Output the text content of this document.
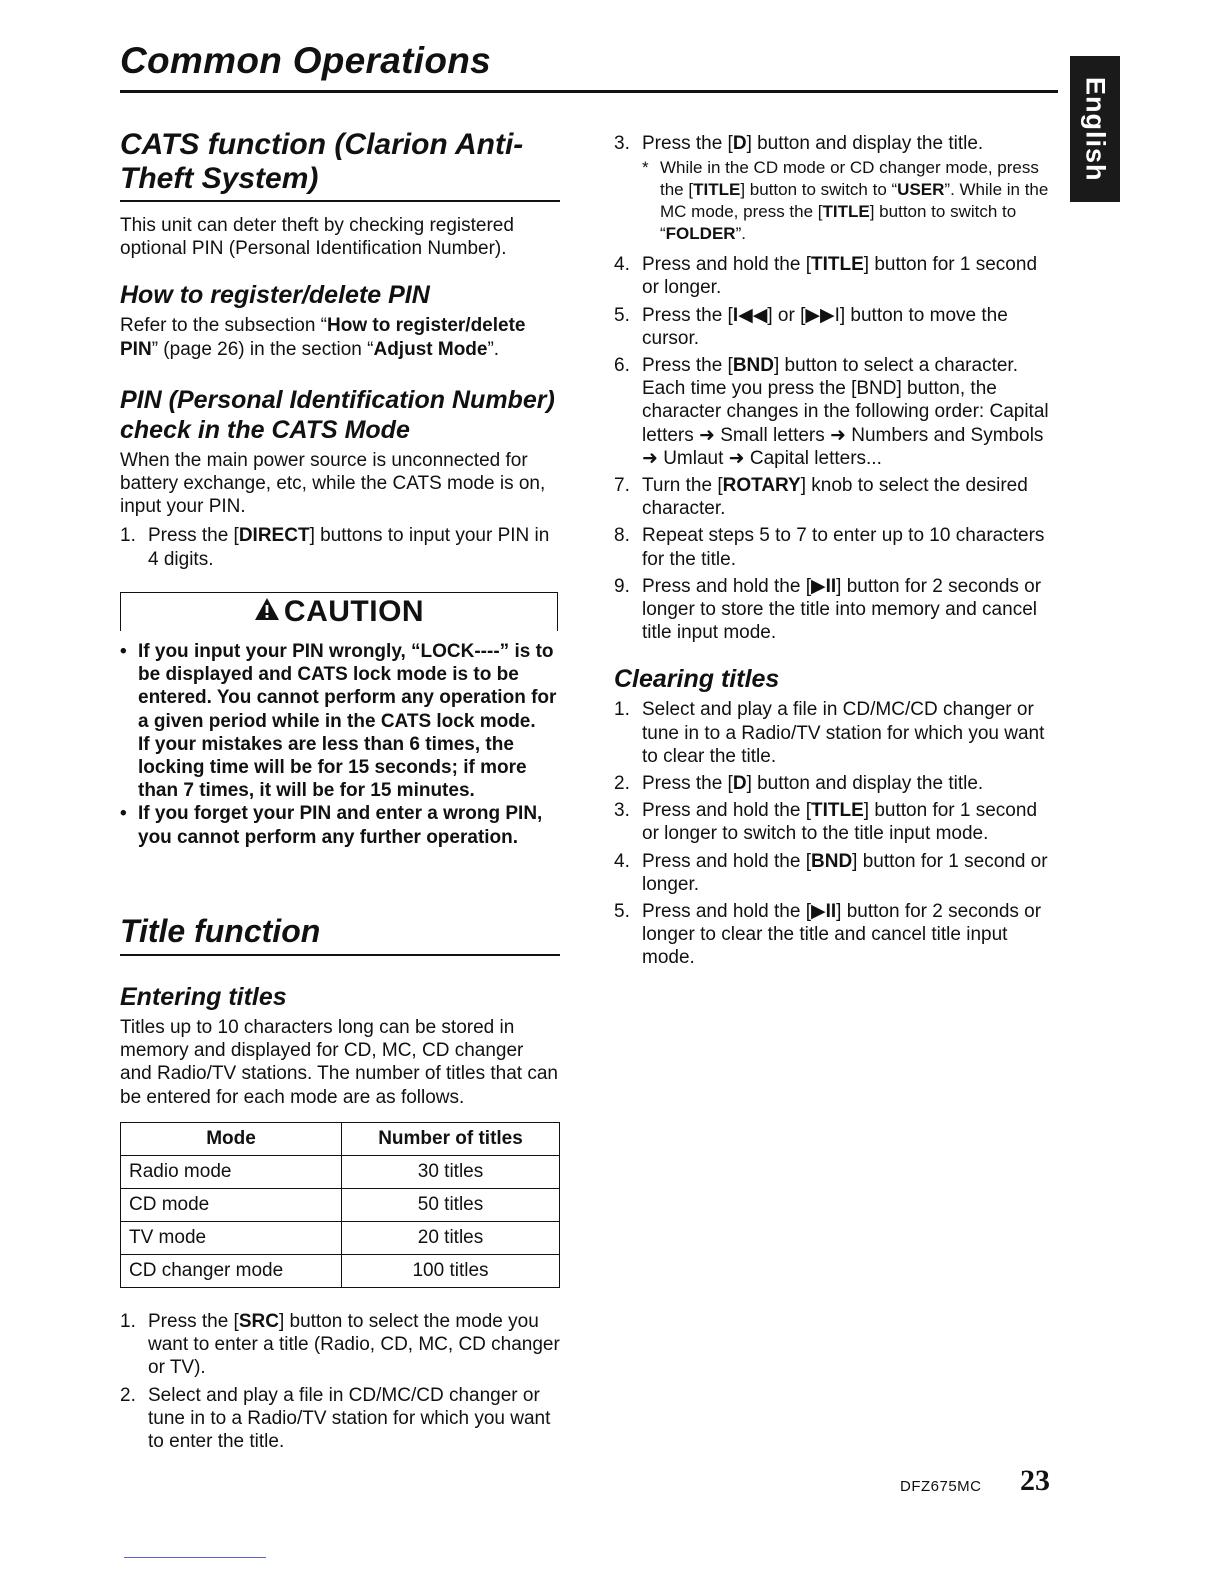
Common Operations
English
CATS function (Clarion Anti-Theft System)

This unit can deter theft by checking registered optional PIN (Personal Identification Number).

How to register/delete PIN

Refer to the subsection “How to register/delete PIN” (page 26) in the section “Adjust Mode”.

PIN (Personal Identification Number) check in the CATS Mode

When the main power source is unconnected for battery exchange, etc, while the CATS mode is on, input your PIN.

1. Press the [DIRECT] buttons to input your PIN in 4 digits.
CAUTION
• If you input your PIN wrongly, “LOCK----” is to be displayed and CATS lock mode is to be entered. You cannot perform any operation for a given period while in the CATS lock mode.
If your mistakes are less than 6 times, the locking time will be for 15 seconds; if more than 7 times, it will be for 15 minutes.
• If you forget your PIN and enter a wrong PIN, you cannot perform any further operation.
Title function
Entering titles

Titles up to 10 characters long can be stored in memory and displayed for CD, MC, CD changer and Radio/TV stations. The number of titles that can be entered for each mode are as follows.

Mode	Number of titles
Radio mode	30 titles
CD mode	50 titles
TV mode	20 titles
CD changer mode	100 titles
1. Press the [SRC] button to select the mode you want to enter a title (Radio, CD, MC, CD changer or TV).
2. Select and play a file in CD/MC/CD changer or tune in to a Radio/TV station for which you want to enter the title.
3. Press the [D] button and display the title.
* While in the CD mode or CD changer mode, press the [TITLE] button to switch to “USER”. While in the MC mode, press the [TITLE] button to switch to “FOLDER”.
4. Press and hold the [TITLE] button for 1 second or longer.
5. Press the [I◀◀] or [▶▶I] button to move the cursor.
6. Press the [BND] button to select a character. Each time you press the [BND] button, the character changes in the following order: Capital letters ➜ Small letters ➜ Numbers and Symbols ➜ Umlaut ➜ Capital letters...
7. Turn the [ROTARY] knob to select the desired character.
8. Repeat steps 5 to 7 to enter up to 10 characters for the title.
9. Press and hold the [▶II] button for 2 seconds or longer to store the title into memory and cancel title input mode.
Clearing titles
1. Select and play a file in CD/MC/CD changer or tune in to a Radio/TV station for which you want to clear the title.
2. Press the [D] button and display the title.
3. Press and hold the [TITLE] button for 1 second or longer to switch to the title input mode.
4. Press and hold the [BND] button for 1 second or longer.
5. Press and hold the [▶II] button for 2 seconds or longer to clear the title and cancel title input mode.
DFZ675MC 23
